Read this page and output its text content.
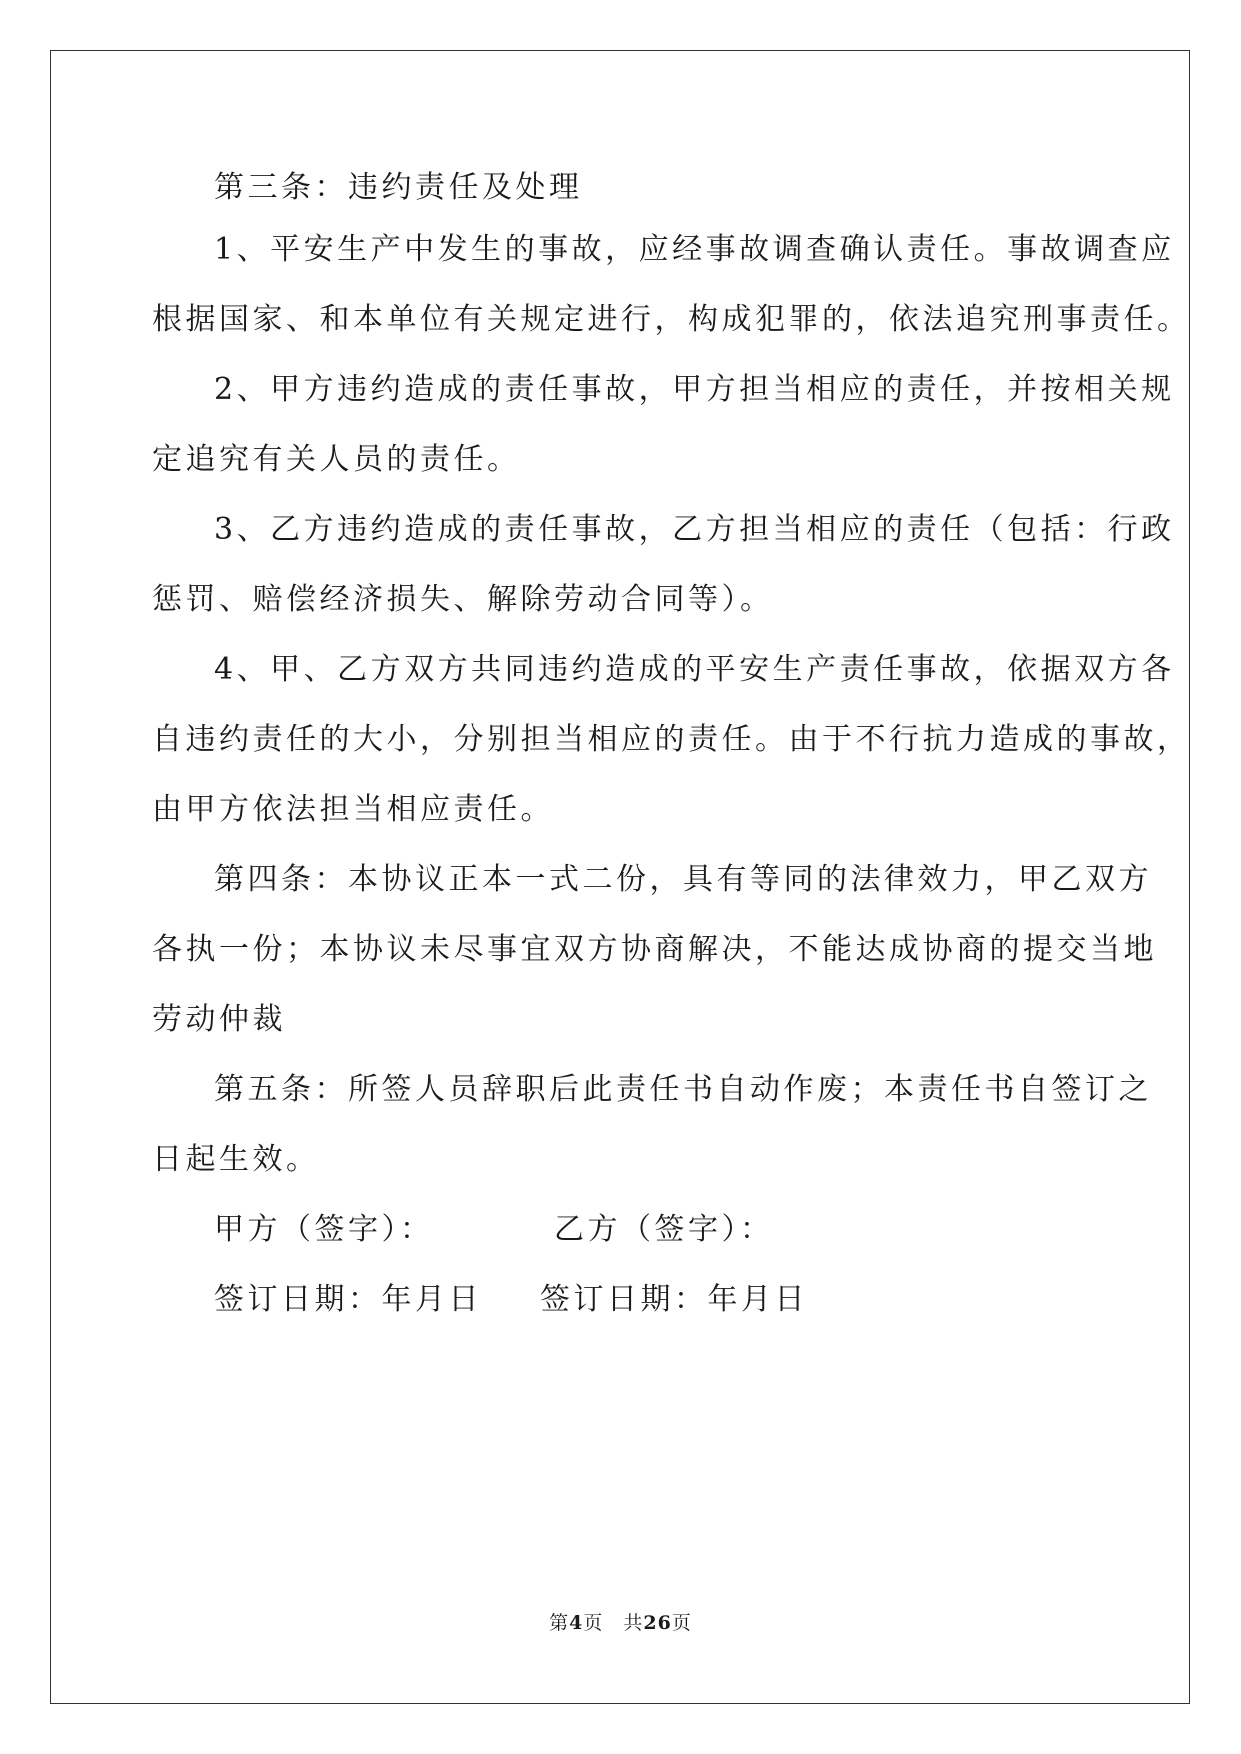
第三条：违约责任及处理
1、平安生产中发生的事故，应经事故调查确认责任。事故调查应
根据国家、和本单位有关规定进行，构成犯罪的，依法追究刑事责任。
2、甲方违约造成的责任事故，甲方担当相应的责任，并按相关规
定追究有关人员的责任。
3、乙方违约造成的责任事故，乙方担当相应的责任（包括：行政
惩罚、赔偿经济损失、解除劳动合同等）。
4、甲、乙方双方共同违约造成的平安生产责任事故，依据双方各
自违约责任的大小，分别担当相应的责任。由于不行抗力造成的事故，
由甲方依法担当相应责任。
第四条：本协议正本一式二份，具有等同的法律效力，甲乙双方
各执一份；本协议未尽事宜双方协商解决，不能达成协商的提交当地
劳动仲裁
第五条：所签人员辞职后此责任书自动作废；本责任书自签订之
日起生效。
甲方（签字）：	乙方（签字）：
签订日期：年月日 签订日期：年月日
第4页　共26页
